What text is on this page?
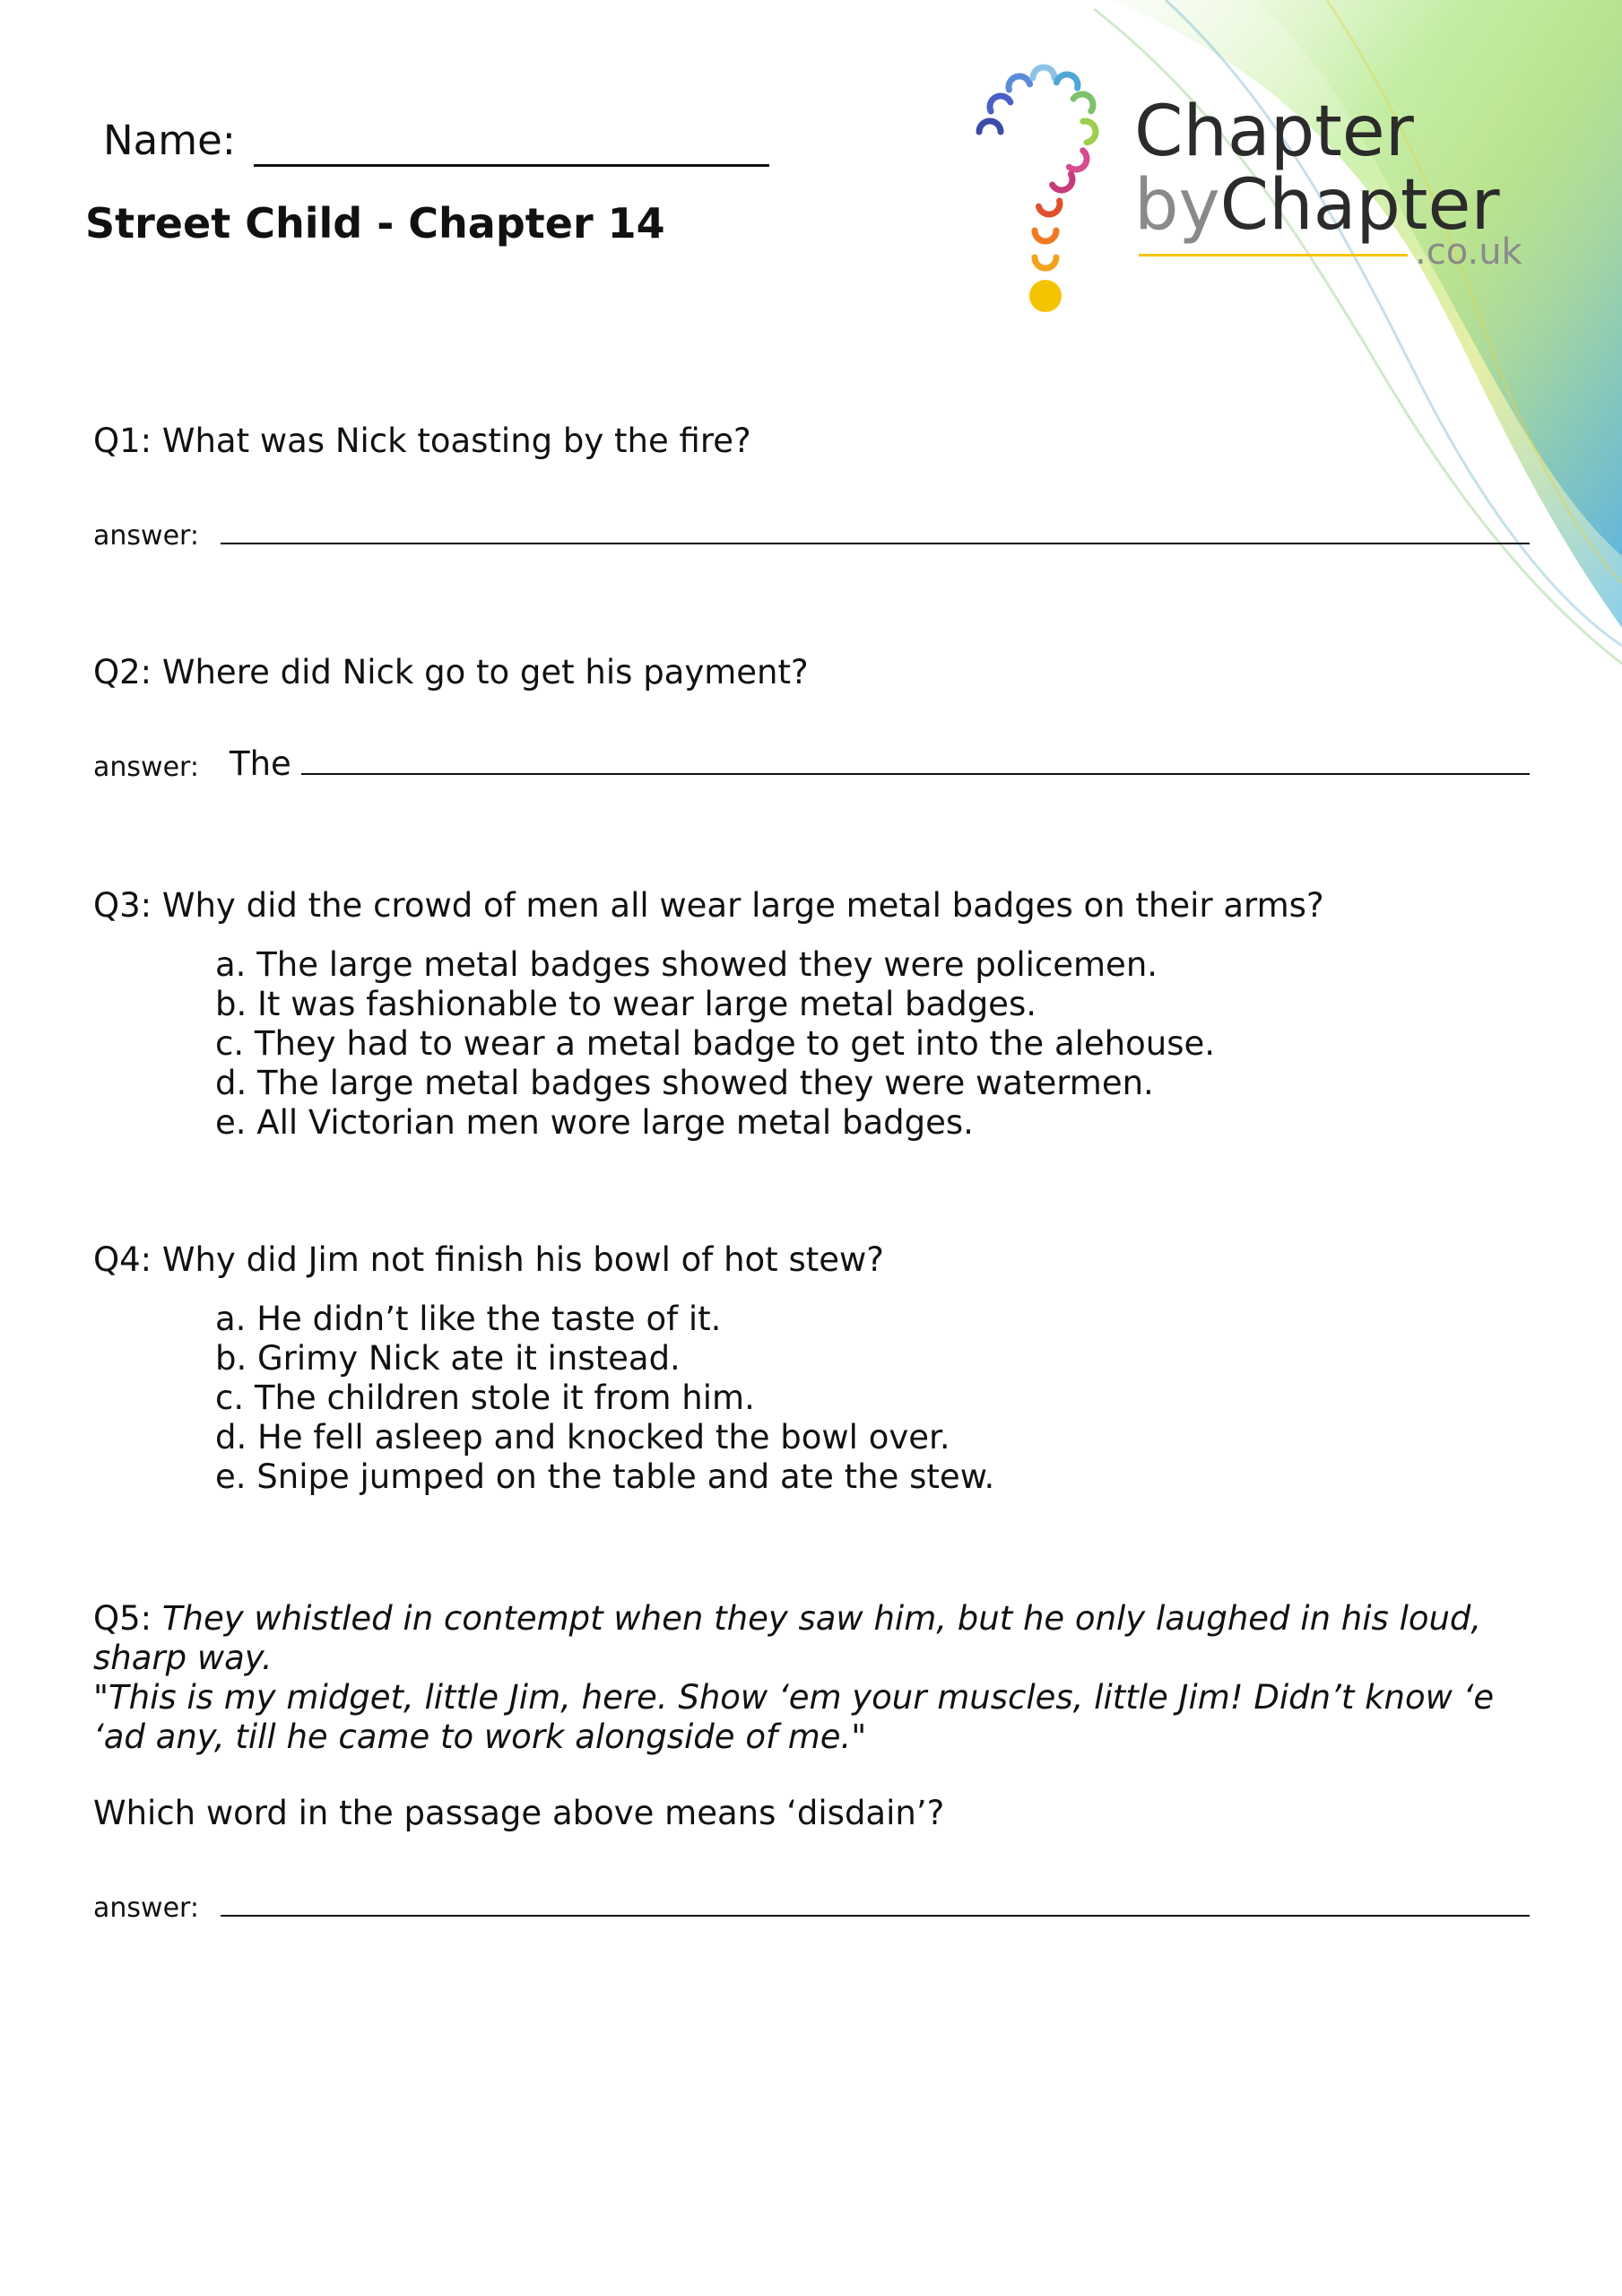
Chapter
byChapter
.co.uk
Name:
Street Child - Chapter 14
Q1: What was Nick toasting by the fire?
answer:
Q2: Where did Nick go to get his payment?
answer: The
Q3: Why did the crowd of men all wear large metal badges on their arms?
a. The large metal badges showed they were policemen.
b. It was fashionable to wear large metal badges.
c. They had to wear a metal badge to get into the alehouse.
d. The large metal badges showed they were watermen.
e. All Victorian men wore large metal badges.
Q4: Why did Jim not finish his bowl of hot stew?
a. He didn’t like the taste of it.
b. Grimy Nick ate it instead.
c. The children stole it from him.
d. He fell asleep and knocked the bowl over.
e. Snipe jumped on the table and ate the stew.
Q5: They whistled in contempt when they saw him, but he only laughed in his loud, sharp way.
"This is my midget, little Jim, here. Show ‘em your muscles, little Jim! Didn’t know ‘e ‘ad any, till he came to work alongside of me."
Which word in the passage above means ‘disdain’?
answer:
